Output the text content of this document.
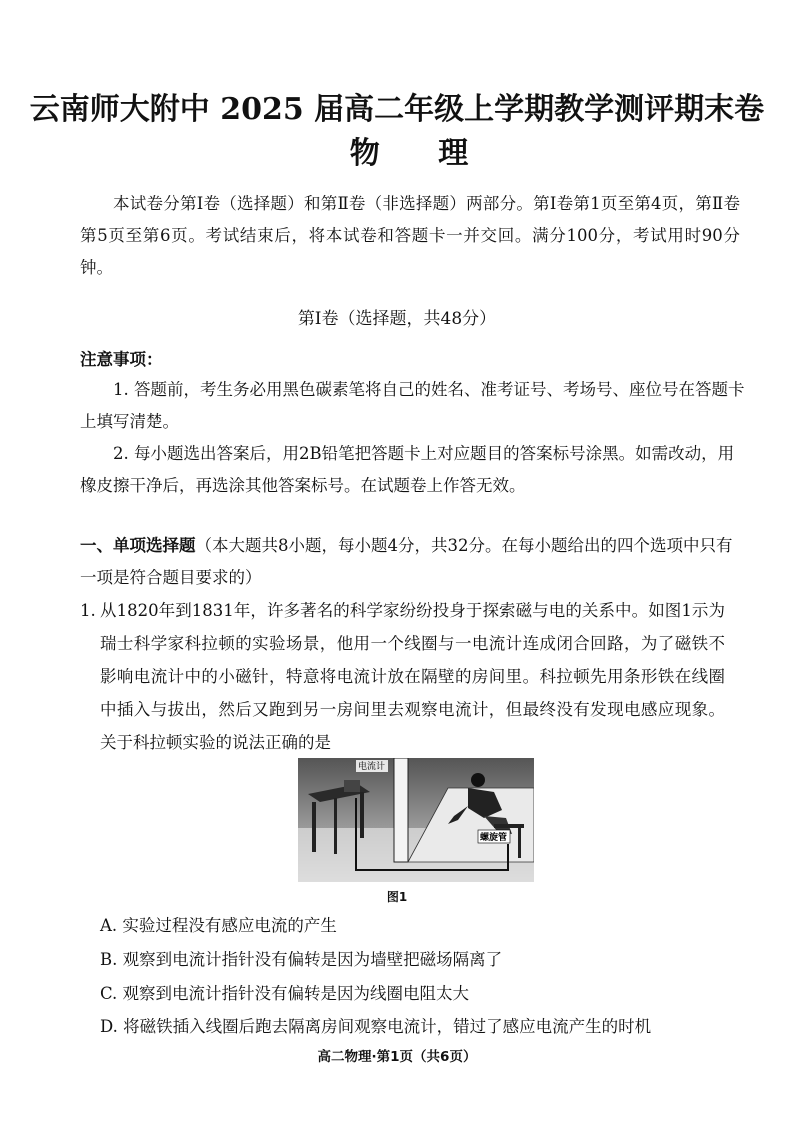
云南师大附中 2025 届高二年级上学期教学测评期末卷
物 理
本试卷分第Ⅰ卷（选择题）和第Ⅱ卷（非选择题）两部分。第Ⅰ卷第1页至第4页，第Ⅱ卷第5页至第6页。考试结束后，将本试卷和答题卡一并交回。满分100分，考试用时90分钟。
第Ⅰ卷（选择题，共48分）
注意事项：
1. 答题前，考生务必用黑色碳素笔将自己的姓名、准考证号、考场号、座位号在答题卡上填写清楚。
2. 每小题选出答案后，用2B铅笔把答题卡上对应题目的答案标号涂黑。如需改动，用橡皮擦干净后，再选涂其他答案标号。在试题卷上作答无效。
一、单项选择题（本大题共8小题，每小题4分，共32分。在每小题给出的四个选项中只有一项是符合题目要求的）
1. 从1820年到1831年，许多著名的科学家纷纷投身于探索磁与电的关系中。如图1示为瑞士科学家科拉顿的实验场景，他用一个线圈与一电流计连成闭合回路，为了磁铁不影响电流计中的小磁针，特意将电流计放在隔壁的房间里。科拉顿先用条形铁在线圈中插入与拔出，然后又跑到另一房间里去观察电流计，但最终没有发现电感应现象。关于科拉顿实验的说法正确的是
电流计
螺旋管
图1
A. 实验过程没有感应电流的产生
B. 观察到电流计指针没有偏转是因为墙壁把磁场隔离了
C. 观察到电流计指针没有偏转是因为线圈电阻太大
D. 将磁铁插入线圈后跑去隔离房间观察电流计，错过了感应电流产生的时机
高二物理·第1页（共6页）
